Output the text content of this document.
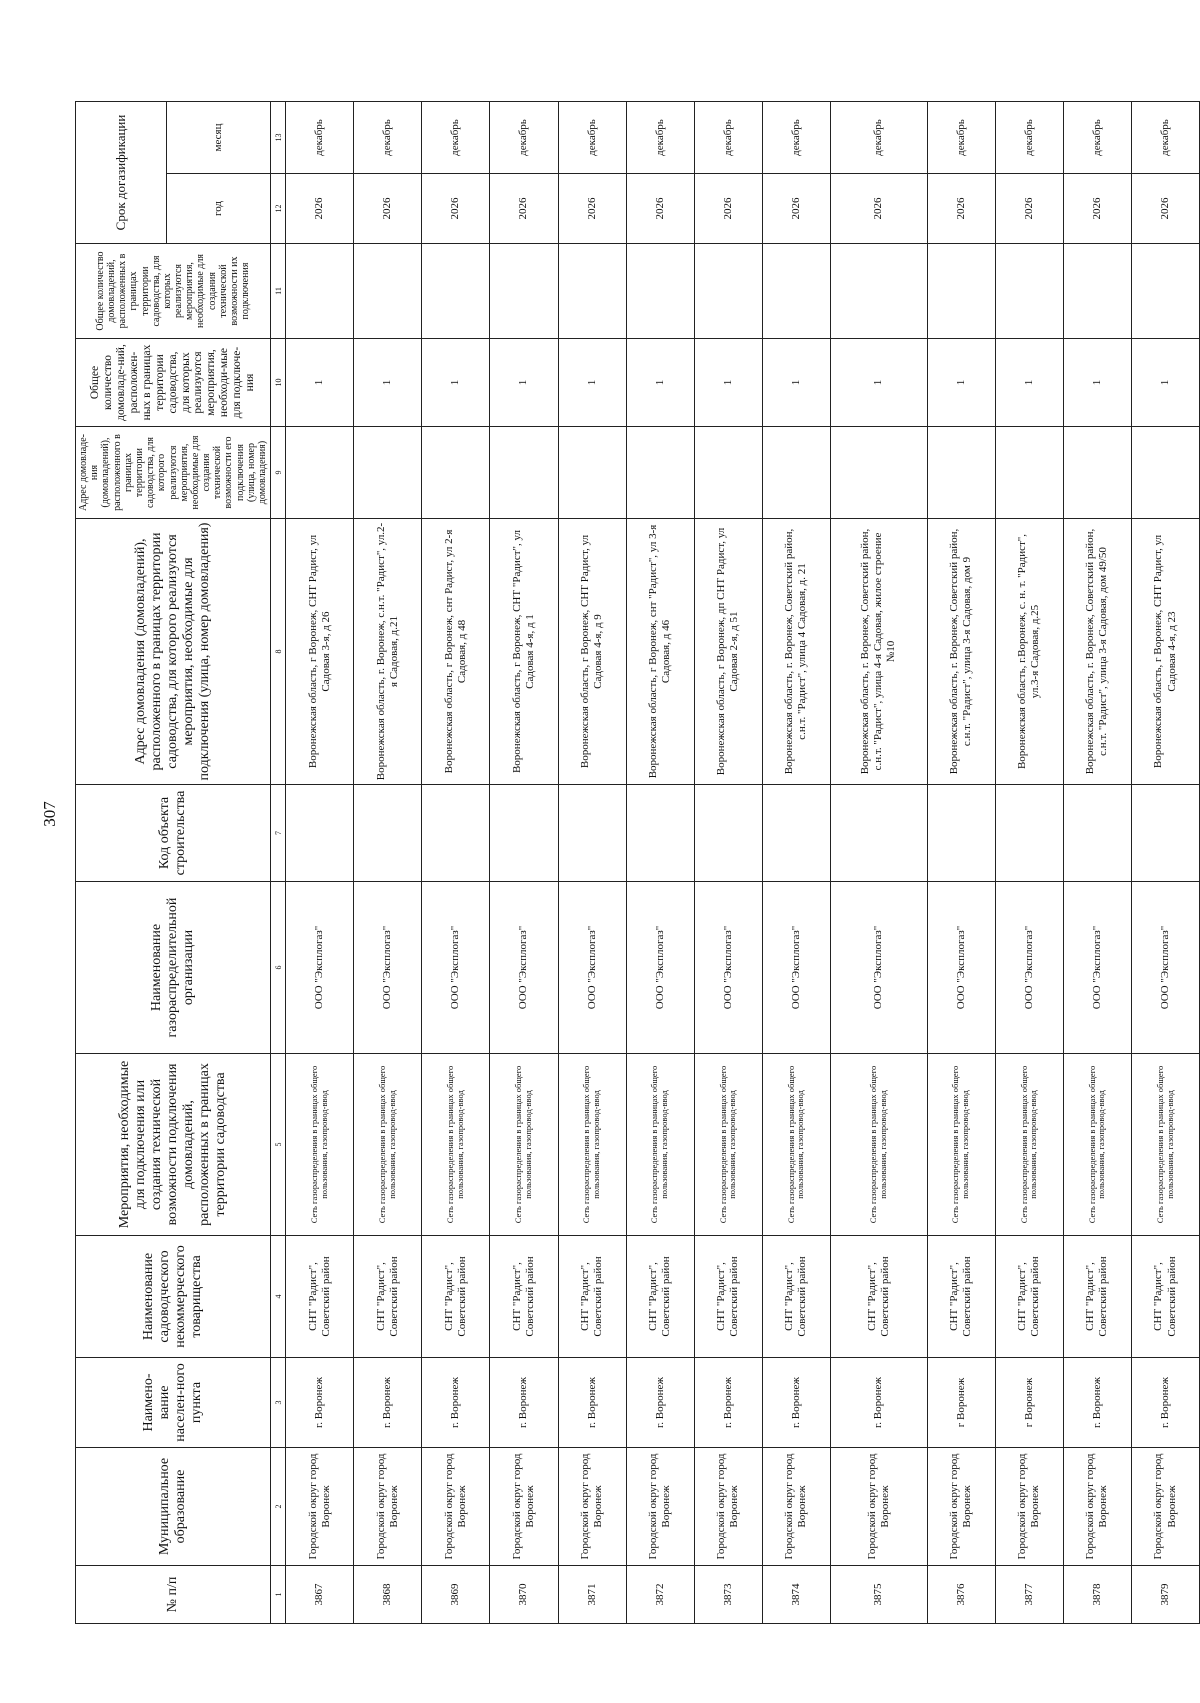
307
№ п/п	Муниципальное образование	Наимено-вание населен-ного пункта	Наименование садоводческого некоммерческого товарищества	Мероприятия, необходимые для подключения или создания технической возможности подключения домовладений, расположенных в границах территории садоводства	Наименование газораспределительной организации	Код объекта строительства	Адрес домовладения (домовладений), расположенного в границах территории садоводства, для которого реализуются мероприятия, необходимые для подключения (улица, номер домовладения)	Адрес домовладе-ния (домовладений), расположенного в границах территории садоводства, для которого реализуются мероприятия, необходимые для создания технической возможности его подключения (улица, номер домовладения)	Общее количество домовладе-ний, расположен-ных в границах территории садоводства, для которых реализуются мероприятия, необходи-мые для подключе-ния	Общее количество домовладений, расположенных в границах территории садоводства, для которых реализуются мероприятия, необходимые для создания технической возможности их подключения	Срок догазификации	
											год	месяц
1	2	3	4	5	6	7	8	9	10	11	12	13
3867	Городской округ город Воронеж	г. Воронеж	СНТ "Радист", Советский район	Сеть газораспределения в границах общего пользования, газопровод-ввод	ООО "Эксплогаз"		Воронежская область, г Воронеж, СНТ Радист, ул Садовая 3-я, д 26		1		2026	декабрь
3868	Городской округ город Воронеж	г. Воронеж	СНТ "Радист", Советский район	Сеть газораспределения в границах общего пользования, газопровод-ввод	ООО "Эксплогаз"		Воронежская область, г. Воронеж, с.н.т. "Радист", ул.2-я Садовая, д.21		1		2026	декабрь
3869	Городской округ город Воронеж	г. Воронеж	СНТ "Радист", Советский район	Сеть газораспределения в границах общего пользования, газопровод-ввод	ООО "Эксплогаз"		Воронежская область, г Воронеж, снт Радист, ул 2-я Садовая, д 48		1		2026	декабрь
3870	Городской округ город Воронеж	г. Воронеж	СНТ "Радист", Советский район	Сеть газораспределения в границах общего пользования, газопровод-ввод	ООО "Эксплогаз"		Воронежская область, г Воронеж, СНТ "Радист", ул Садовая 4-я, д 1		1		2026	декабрь
3871	Городской округ город Воронеж	г. Воронеж	СНТ "Радист", Советский район	Сеть газораспределения в границах общего пользования, газопровод-ввод	ООО "Эксплогаз"		Воронежская область, г Воронеж, СНТ Радист, ул Садовая 4-я, д 9		1		2026	декабрь
3872	Городской округ город Воронеж	г. Воронеж	СНТ "Радист", Советский район	Сеть газораспределения в границах общего пользования, газопровод-ввод	ООО "Эксплогаз"		Воронежская область, г Воронеж, снт "Радист", ул 3-я Садовая, д 46		1		2026	декабрь
3873	Городской округ город Воронеж	г. Воронеж	СНТ "Радист", Советский район	Сеть газораспределения в границах общего пользования, газопровод-ввод	ООО "Эксплогаз"		Воронежская область, г Воронеж, дп СНТ Радист, ул Садовая 2-я, д 51		1		2026	декабрь
3874	Городской округ город Воронеж	г. Воронеж	СНТ "Радист", Советский район	Сеть газораспределения в границах общего пользования, газопровод-ввод	ООО "Эксплогаз"		Воронежская область, г. Воронеж, Советский район, с.н.т. "Радист", улица 4 Садовая, д. 21		1		2026	декабрь
3875	Городской округ город Воронеж	г. Воронеж	СНТ "Радист", Советский район	Сеть газораспределения в границах общего пользования, газопровод-ввод	ООО "Эксплогаз"		Воронежская область, г. Воронеж, Советский район, с.н.т. "Радист", улица 4-я Садовая, жилое строение №10		1		2026	декабрь
3876	Городской округ город Воронеж	г Воронеж	СНТ "Радист", Советский район	Сеть газораспределения в границах общего пользования, газопровод-ввод	ООО "Эксплогаз"		Воронежская область, г. Воронеж, Советский район, с.н.т. "Радист", улица 3-я Садовая, дом 9		1		2026	декабрь
3877	Городской округ город Воронеж	г Воронеж	СНТ "Радист", Советский район	Сеть газораспределения в границах общего пользования, газопровод-ввод	ООО "Эксплогаз"		Воронежская область, г.Воронеж, с. н. т. "Радист", ул.3-я Садовая, д.25		1		2026	декабрь
3878	Городской округ город Воронеж	г. Воронеж	СНТ "Радист", Советский район	Сеть газораспределения в границах общего пользования, газопровод-ввод	ООО "Эксплогаз"		Воронежская область, г. Воронеж, Советский район, с.н.т. "Радист", улица 3-я Садовая, дом 49/50		1		2026	декабрь
3879	Городской округ город Воронеж	г. Воронеж	СНТ "Радист", Советский район	Сеть газораспределения в границах общего пользования, газопровод-ввод	ООО "Эксплогаз"		Воронежская область, г Воронеж, СНТ Радист, ул Садовая 4-я, д 23		1		2026	декабрь
